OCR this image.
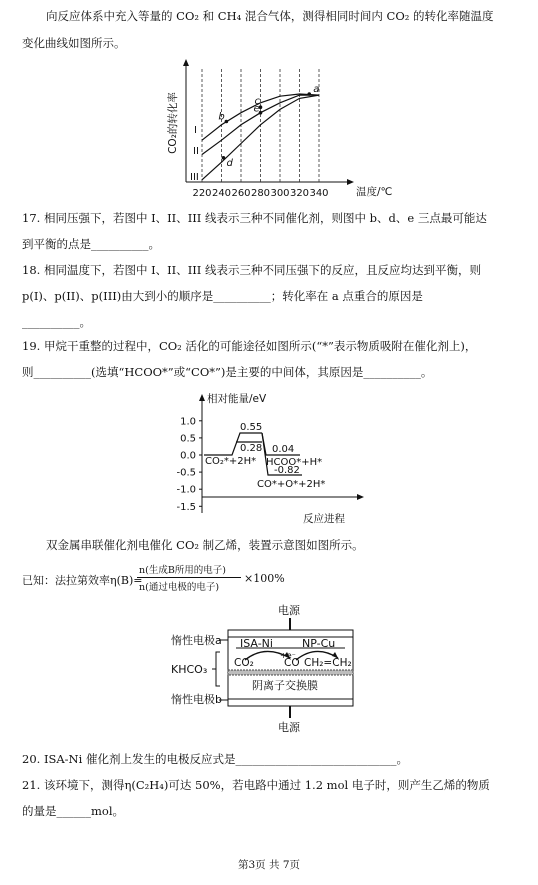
向反应体系中充入等量的 CO₂ 和 CH₄ 混合气体，测得相同时间内 CO₂ 的转化率随温度
变化曲线如图所示。
CO₂的转化率
温度/℃
220 240 260 280 300 320 340
a
b
c
d
e
I
II
III
17. 相同压强下，若图中 I、II、III 线表示三种不同催化剂，则图中 b、d、e 三点最可能达
到平衡的点是__________。
18. 相同温度下，若图中 I、II、III 线表示三种不同压强下的反应，且反应均达到平衡，则
p(I)、p(II)、p(III)由大到小的顺序是__________；转化率在 a 点重合的原因是
__________。
19. 甲烷干重整的过程中，CO₂ 活化的可能途径如图所示(“*”表示物质吸附在催化剂上)，
则__________(选填“HCOO*”或“CO*”)是主要的中间体，其原因是__________。
相对能量/eV
反应进程
1.0
0.5
0.0
-0.5
-1.0
-1.5
0.55
0.28
CO₂*+2H*
0.04
HCOO*+H*
-0.82
CO*+O*+2H*
双金属串联催化剂电催化 CO₂ 制乙烯，装置示意图如图所示。
已知：法拉第效率η(B)=
n(生成B所用的电子)
n(通过电极的电子)
×100%
电源
电源
惰性电极a
惰性电极b
KHCO₃
ISA-Ni	NP-Cu
+e⁻
CO₂	CO CH₂=CH₂
阴离子交换膜
20. ISA-Ni 催化剂上发生的电极反应式是____________________________。
21. 该环境下，测得η(C₂H₄)可达 50%，若电路中通过 1.2 mol 电子时，则产生乙烯的物质
的量是______mol。
第3页 共 7页
